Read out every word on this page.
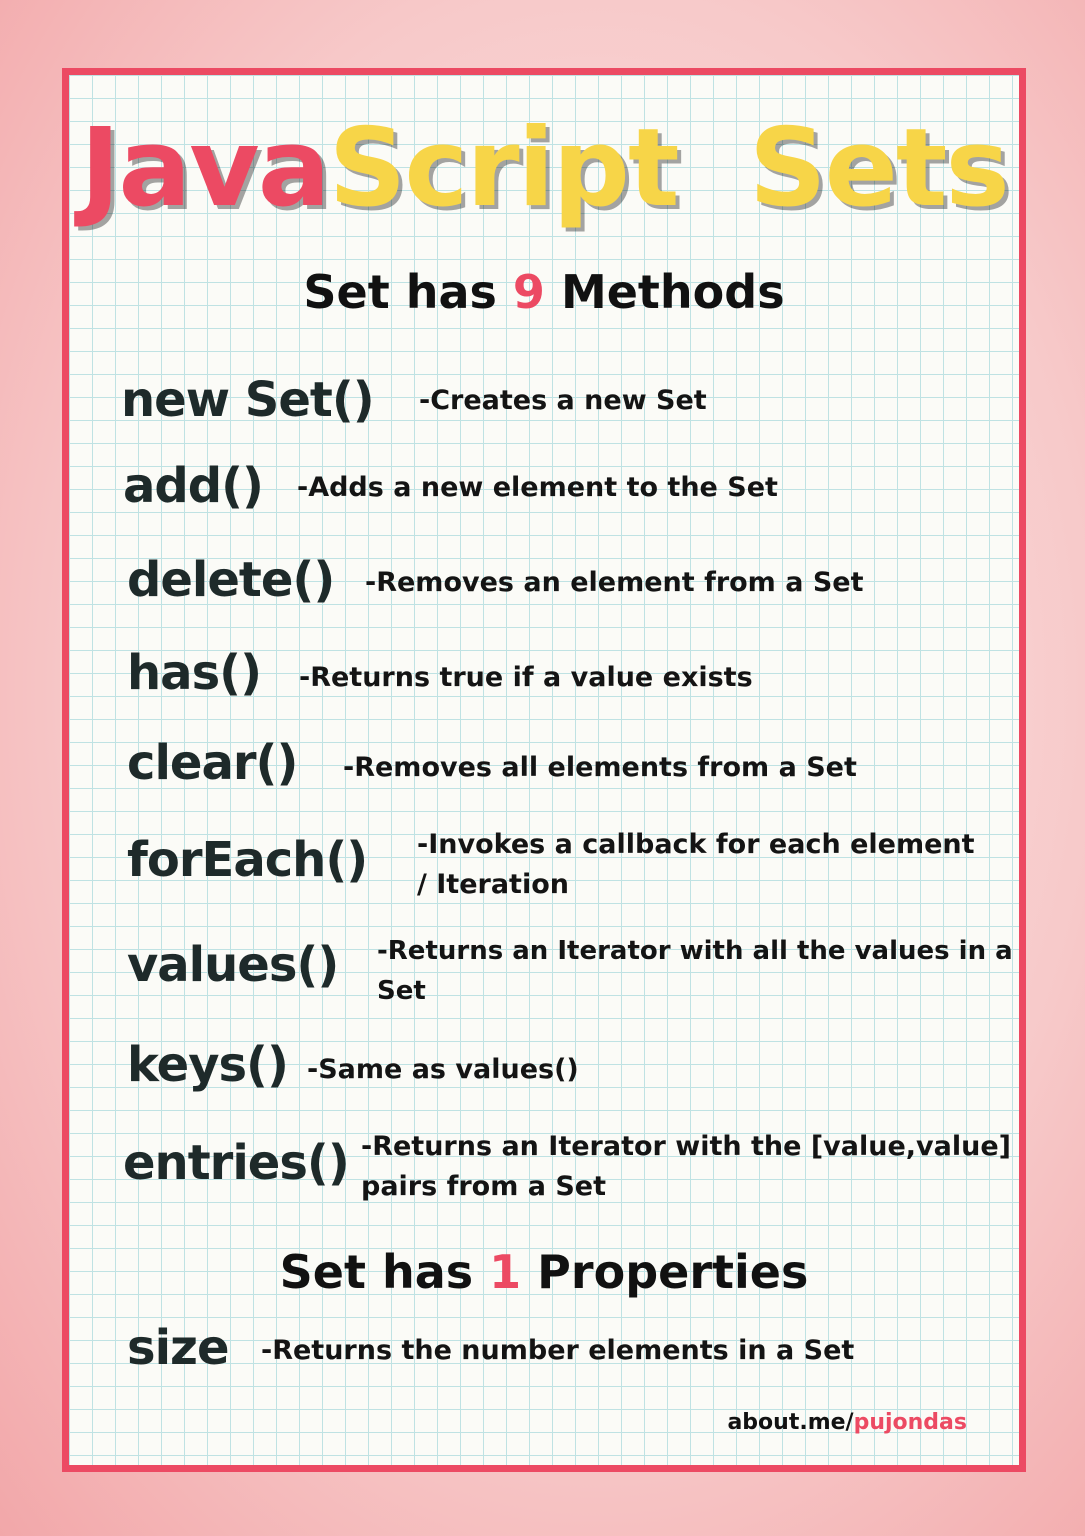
JavaScript Sets
Set has 9 Methods
new Set() -Creates a new Set
add() -Adds a new element to the Set
delete() -Removes an element from a Set
has() -Returns true if a value exists
clear() -Removes all elements from a Set
forEach() -Invokes a callback for each element
/ Iteration
values() -Returns an Iterator with all the values in a
Set
keys() -Same as values()
entries() -Returns an Iterator with the [value,value]
pairs from a Set
Set has 1 Properties
size -Returns the number elements in a Set
about.me/pujondas
